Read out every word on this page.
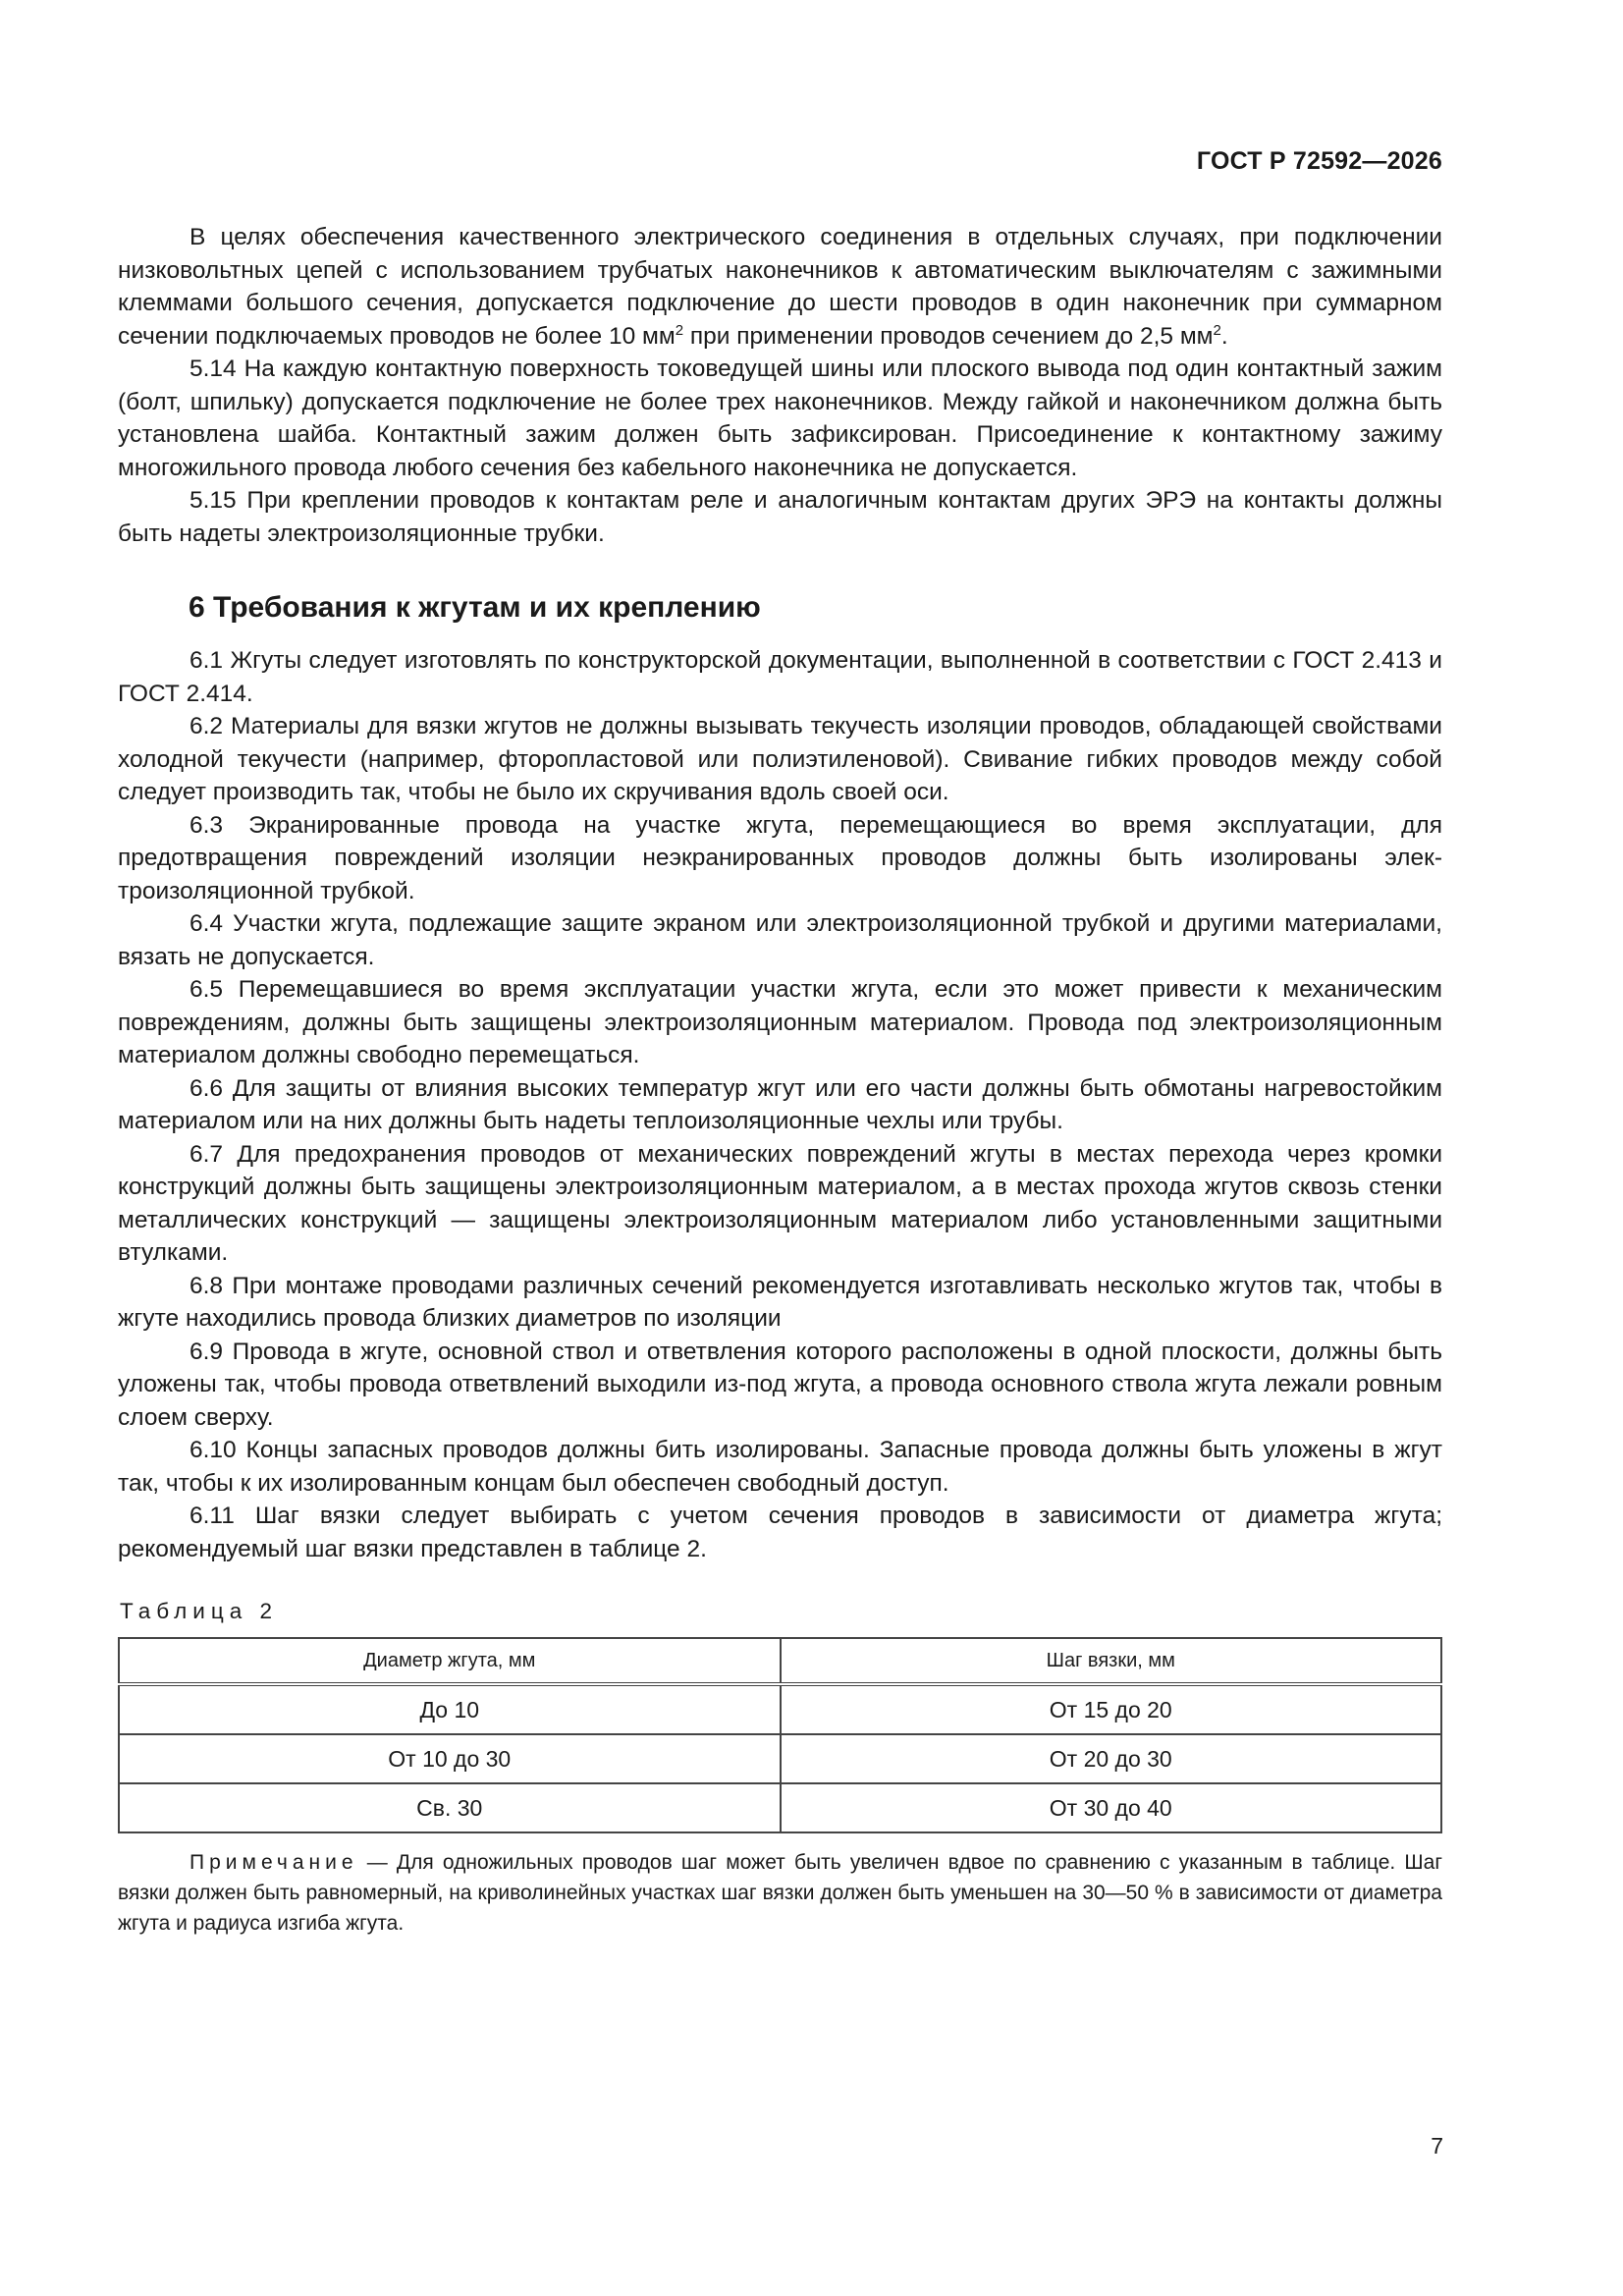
ГОСТ Р 72592—2026

В целях обеспечения качественного электрического соединения в отдельных случаях, при подключении низковольтных цепей с использованием трубчатых наконечников к автоматическим выключателям с зажимными клеммами большого сечения, допускается подключение до шести проводов в один наконечник при суммарном сечении подключаемых проводов не более 10 $мм^2$ при применении проводов сечением до 2,5 $мм^2$.

5.14 На каждую контактную поверхность токоведущей шины или плоского вывода под один контактный зажим (болт, шпильку) допускается подключение не более трех наконечников. Между гайкой и наконечником должна быть установлена шайба. Контактный зажим должен быть зафиксирован. Присоединение к контактному зажиму многожильного провода любого сечения без кабельного наконечника не допускается.

5.15 При креплении проводов к контактам реле и аналогичным контактам других ЭРЭ на контакты должны быть надеты электроизоляционные трубки.

6 Требования к жгутам и их креплению

6.1 Жгуты следует изготовлять по конструкторской документации, выполненной в соответствии с ГОСТ 2.413 и ГОСТ 2.414.

6.2 Материалы для вязки жгутов не должны вызывать текучесть изоляции проводов, обладающей свойствами холодной текучести (например, фторопластовой или полиэтиленовой). Свивание гибких проводов между собой следует производить так, чтобы не было их скручивания вдоль своей оси.

6.3 Экранированные провода на участке жгута, перемещающиеся во время эксплуатации, для предотвращения повреждений изоляции неэкранированных проводов должны быть изолированы электроизоляционной трубкой.

6.4 Участки жгута, подлежащие защите экраном или электроизоляционной трубкой и другими материалами, вязать не допускается.

6.5 Перемещавшиеся во время эксплуатации участки жгута, если это может привести к механическим повреждениям, должны быть защищены электроизоляционным материалом. Провода под электроизоляционным материалом должны свободно перемещаться.

6.6 Для защиты от влияния высоких температур жгут или его части должны быть обмотаны нагревостойким материалом или на них должны быть надеты теплоизоляционные чехлы или трубы.

6.7 Для предохранения проводов от механических повреждений жгуты в местах перехода через кромки конструкций должны быть защищены электроизоляционным материалом, а в местах прохода жгутов сквозь стенки металлических конструкций — защищены электроизоляционным материалом либо установленными защитными втулками.

6.8 При монтаже проводами различных сечений рекомендуется изготавливать несколько жгутов так, чтобы в жгуте находились провода близких диаметров по изоляции

6.9 Провода в жгуте, основной ствол и ответвления которого расположены в одной плоскости, должны быть уложены так, чтобы провода ответвлений выходили из-под жгута, а провода основного ствола жгута лежали ровным слоем сверху.

6.10 Концы запасных проводов должны бить изолированы. Запасные провода должны быть уложены в жгут так, чтобы к их изолированным концам был обеспечен свободный доступ.

6.11 Шаг вязки следует выбирать с учетом сечения проводов в зависимости от диаметра жгута; рекомендуемый шаг вязки представлен в таблице 2.

Таблица 2
Диаметр жгута, мм	Шаг вязки, мм
До 10	От 15 до 20
От 10 до 30	От 20 до 30
Св. 30	От 30 до 40

Примечание — Для одножильных проводов шаг может быть увеличен вдвое по сравнению с указанным в таблице. Шаг вязки должен быть равномерный, на криволинейных участках шаг вязки должен быть уменьшен на 30—50 % в зависимости от диаметра жгута и радиуса изгиба жгута.

7
